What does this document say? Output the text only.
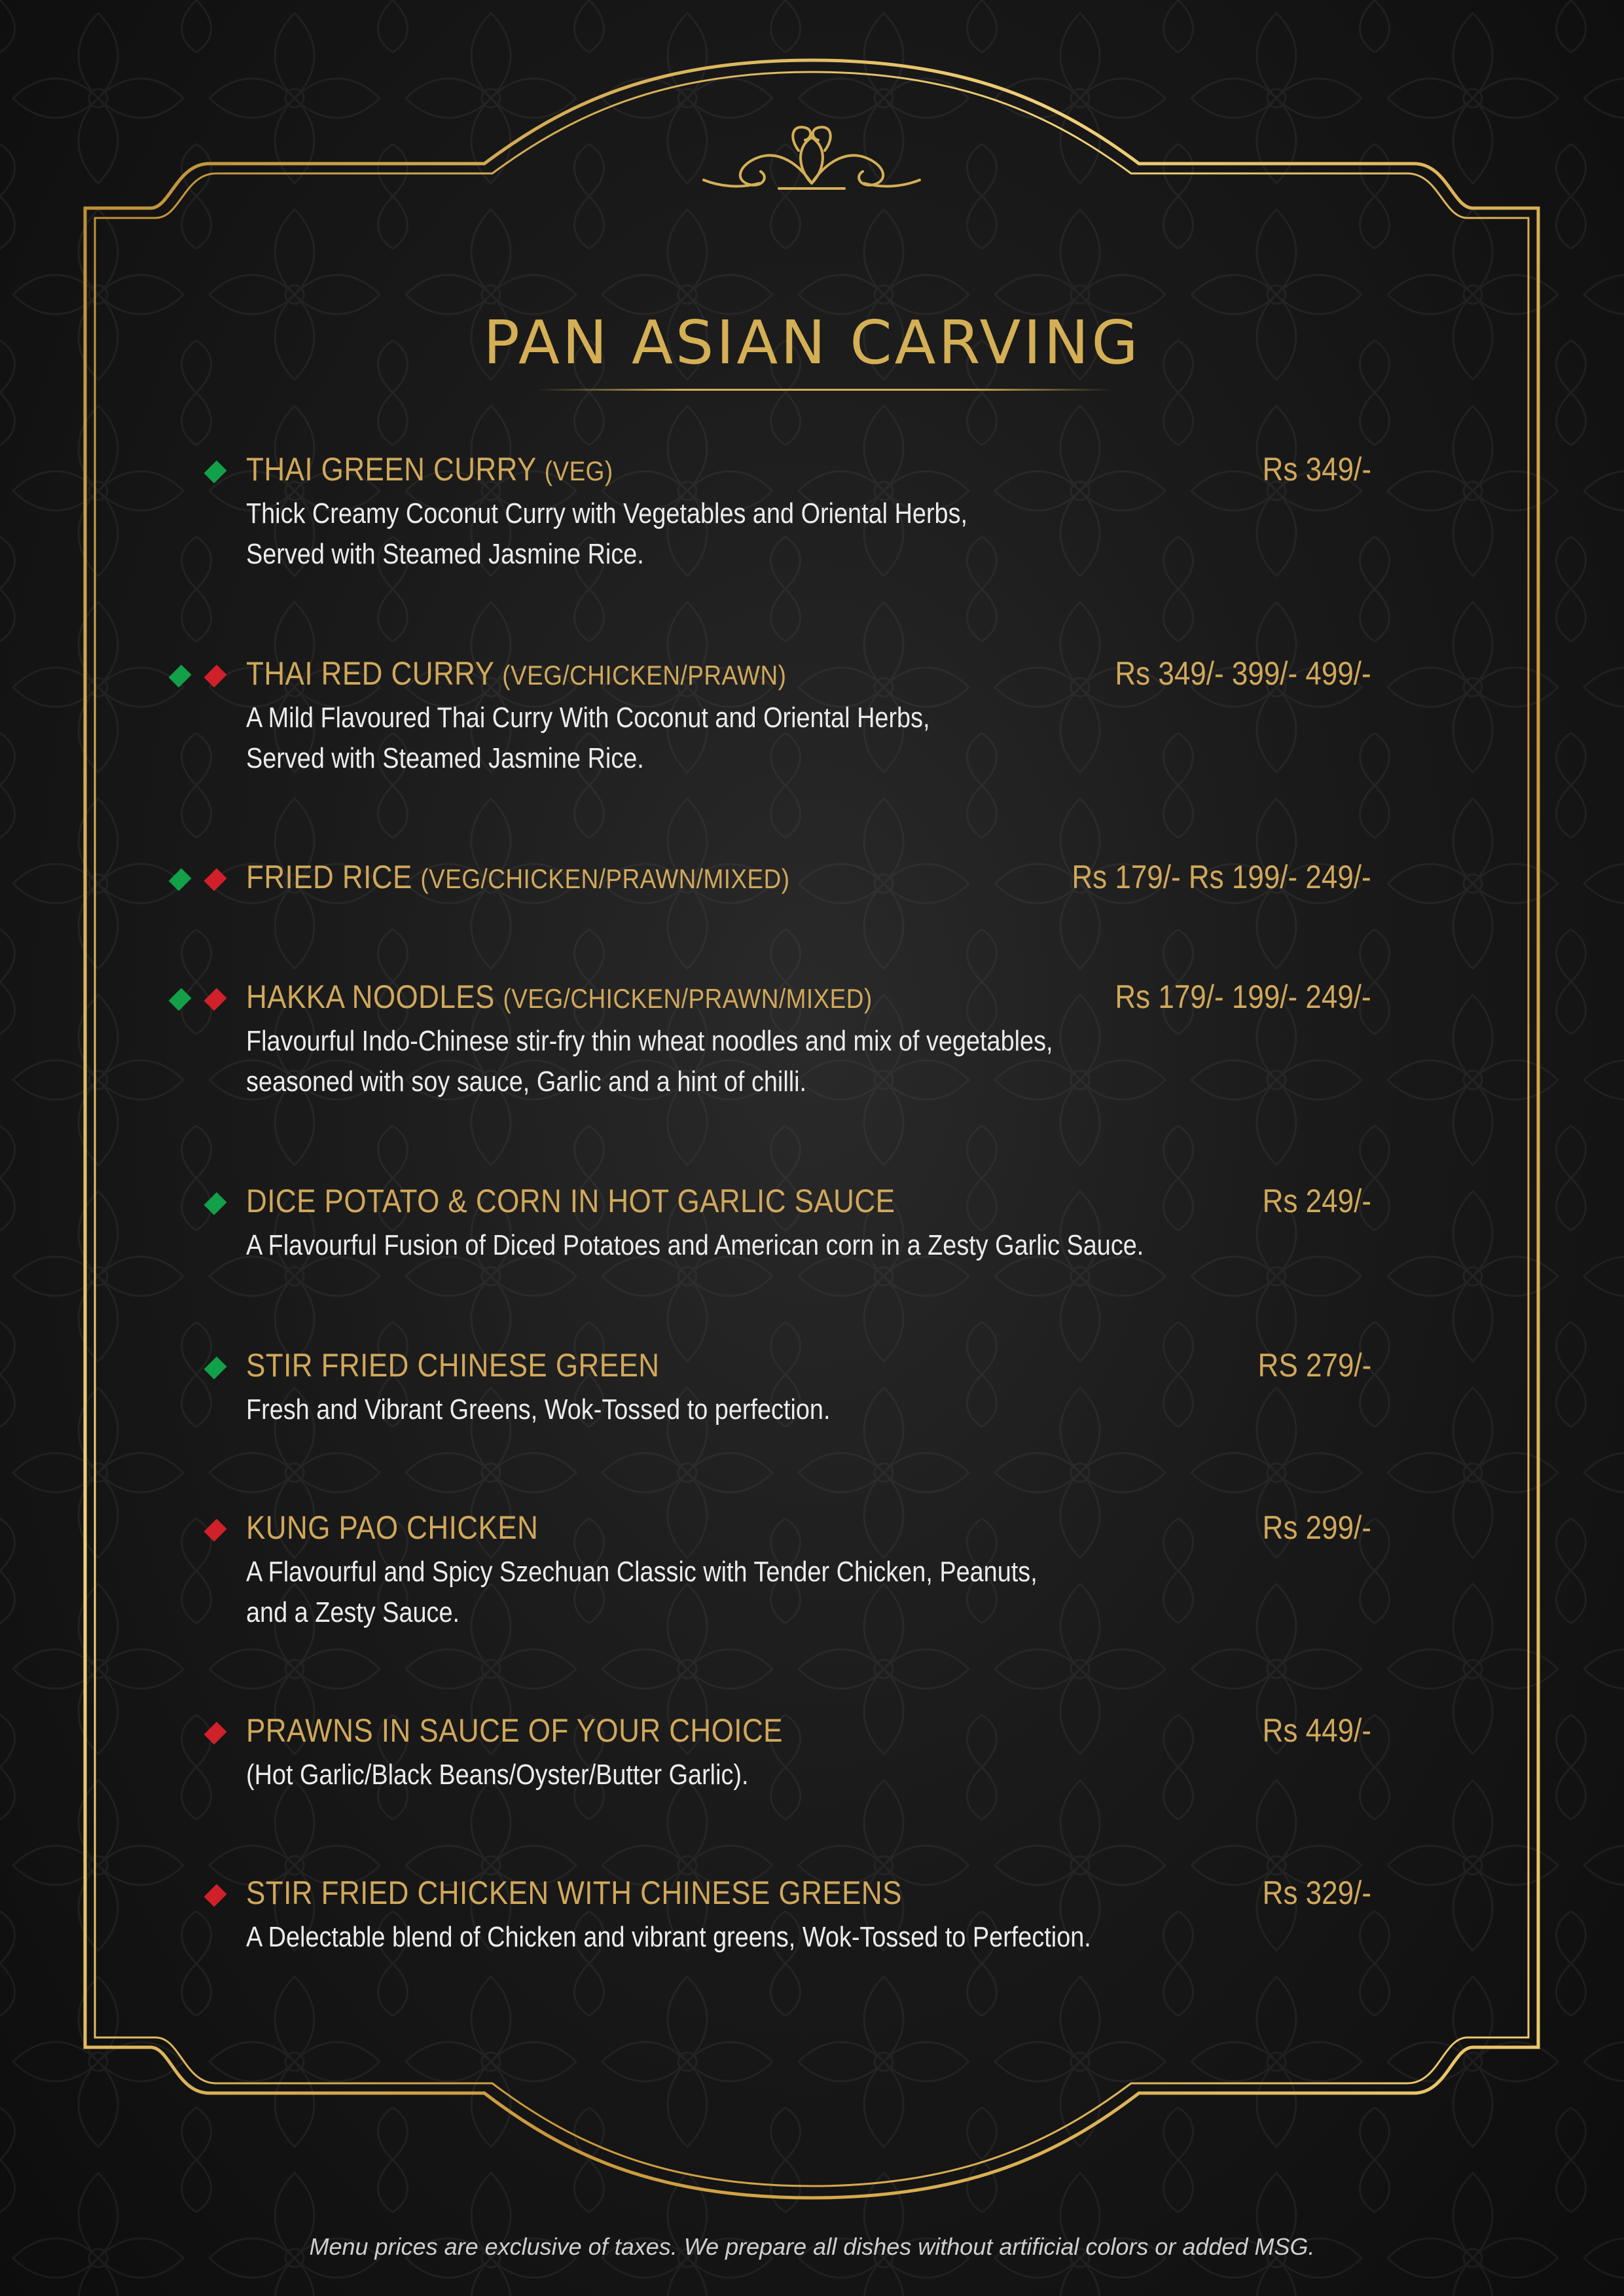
PAN ASIAN CARVING
THAI GREEN CURRY (VEG)	Rs 349/-
Thick Creamy Coconut Curry with Vegetables and Oriental Herbs,
Served with Steamed Jasmine Rice.
THAI RED CURRY (VEG/CHICKEN/PRAWN)	Rs 349/- 399/- 499/-
A Mild Flavoured Thai Curry With Coconut and Oriental Herbs,
Served with Steamed Jasmine Rice.
FRIED RICE (VEG/CHICKEN/PRAWN/MIXED)	Rs 179/- Rs 199/- 249/-
HAKKA NOODLES (VEG/CHICKEN/PRAWN/MIXED)	Rs 179/- 199/- 249/-
Flavourful Indo-Chinese stir-fry thin wheat noodles and mix of vegetables,
seasoned with soy sauce, Garlic and a hint of chilli.
DICE POTATO & CORN IN HOT GARLIC SAUCE	Rs 249/-
A Flavourful Fusion of Diced Potatoes and American corn in a Zesty Garlic Sauce.
STIR FRIED CHINESE GREEN	RS 279/-
Fresh and Vibrant Greens, Wok-Tossed to perfection.
KUNG PAO CHICKEN	Rs 299/-
A Flavourful and Spicy Szechuan Classic with Tender Chicken, Peanuts,
and a Zesty Sauce.
PRAWNS IN SAUCE OF YOUR CHOICE	Rs 449/-
(Hot Garlic/Black Beans/Oyster/Butter Garlic).
STIR FRIED CHICKEN WITH CHINESE GREENS	Rs 329/-
A Delectable blend of Chicken and vibrant greens, Wok-Tossed to Perfection.
Menu prices are exclusive of taxes. We prepare all dishes without artificial colors or added MSG.
